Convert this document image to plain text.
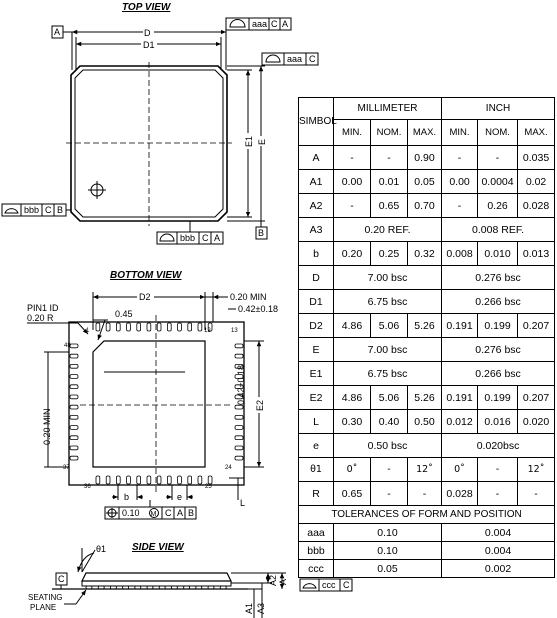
TOP VIEW
A	D
D1
aaa C A
aaa C
E1 E
B
bbb C B
bbb C A
BOTTOM VIEW
D2	0.20 MIN
0.42±0.18
PIN1 ID
0.20 R	0.45
1	12	13
48
37	24
36	25
0.20 MIN
E2
0.42±0.18
b	e
L
0.10 M C A B
SIDE VIEW
θ1
C
SEATING
PLANE
A
A2
A1 A3
ccc C
SIMBOL	MILLIMETER			INCH		
	MIN.	NOM.	MAX.	MIN.	NOM.	MAX.
A	-	-	0.90	-	-	0.035
A1	0.00	0.01	0.05	0.00	0.0004	0.02
A2	-	0.65	0.70	-	0.26	0.028
A3	0.20 REF.			0.008 REF.		
b	0.20	0.25	0.32	0.008	0.010	0.013
D	7.00 bsc			0.276 bsc		
D1	6.75 bsc			0.266 bsc		
D2	4.86	5.06	5.26	0.191	0.199	0.207
E	7.00 bsc			0.276 bsc		
E1	6.75 bsc			0.266 bsc		
E2	4.86	5.06	5.26	0.191	0.199	0.207
L	0.30	0.40	0.50	0.012	0.016	0.020
e	0.50 bsc			0.020bsc		
θ1	0˚	-	12˚	0˚	-	12˚
R	0.65	-	-	0.028	-	-
TOLERANCES OF FORM AND POSITION						
aaa	0.10			0.004		
bbb	0.10			0.004		
ccc	0.05			0.002		
